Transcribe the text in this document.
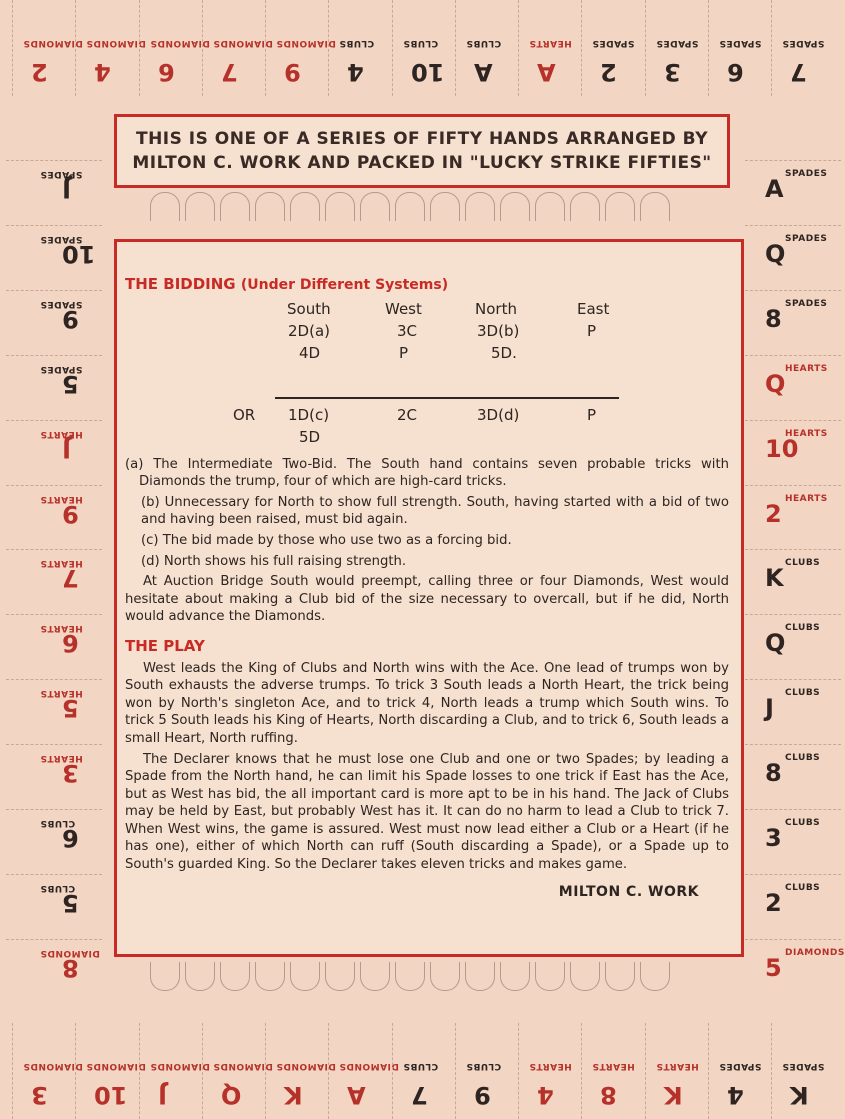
DIAMONDS
2
DIAMONDS
4
DIAMONDS
6
DIAMONDS
7
DIAMONDS
9
CLUBS
4
CLUBS
10
CLUBS
A
HEARTS
A
SPADES
2
SPADES
3
SPADES
6
SPADES
7
SPADES
J
SPADES
10
SPADES
9
SPADES
5
HEARTS
J
HEARTS
9
HEARTS
7
HEARTS
6
HEARTS
5
HEARTS
3
CLUBS
6
CLUBS
5
DIAMONDS
8
SPADES
A
SPADES
Q
SPADES
8
HEARTS
Q
HEARTS
10
HEARTS
2
CLUBS
K
CLUBS
Q
CLUBS
J
CLUBS
8
CLUBS
3
CLUBS
2
DIAMONDS
5
DIAMONDS
3
DIAMONDS
10
DIAMONDS
J
DIAMONDS
Q
DIAMONDS
K
DIAMONDS
A
CLUBS
7
CLUBS
9
HEARTS
4
HEARTS
8
HEARTS
K
SPADES
4
SPADES
K
THIS IS ONE OF A SERIES OF FIFTY HANDS ARRANGED BY
MILTON C. WORK AND PACKED IN "LUCKY STRIKE FIFTIES"
THE BIDDING (Under Different Systems)
South	West	North	East
2D(a)	3C	3D(b)	P
4D	P	5D.
OR 1D(c)	2C	3D(d)	P
5D

(a) The Intermediate Two-Bid. The South hand contains seven probable tricks with Diamonds the trump, four of which are high-card tricks.

(b) Unnecessary for North to show full strength. South, having started with a bid of two and having been raised, must bid again.

(c) The bid made by those who use two as a forcing bid.

(d) North shows his full raising strength.

At Auction Bridge South would preempt, calling three or four Diamonds, West would hesitate about making a Club bid of the size necessary to overcall, but if he did, North would advance the Diamonds.

THE PLAY

West leads the King of Clubs and North wins with the Ace. One lead of trumps won by South exhausts the adverse trumps. To trick 3 South leads a North Heart, the trick being won by North's singleton Ace, and to trick 4, North leads a trump which South wins. To trick 5 South leads his King of Hearts, North discarding a Club, and to trick 6, South leads a small Heart, North ruffing.

The Declarer knows that he must lose one Club and one or two Spades; by leading a Spade from the North hand, he can limit his Spade losses to one trick if East has the Ace, but as West has bid, the all important card is more apt to be in his hand. The Jack of Clubs may be held by East, but probably West has it. It can do no harm to lead a Club to trick 7. When West wins, the game is assured. West must now lead either a Club or a Heart (if he has one), either of which North can ruff (South discarding a Spade), or a Spade up to South's guarded King. So the Declarer takes eleven tricks and makes game.

MILTON C. WORK
